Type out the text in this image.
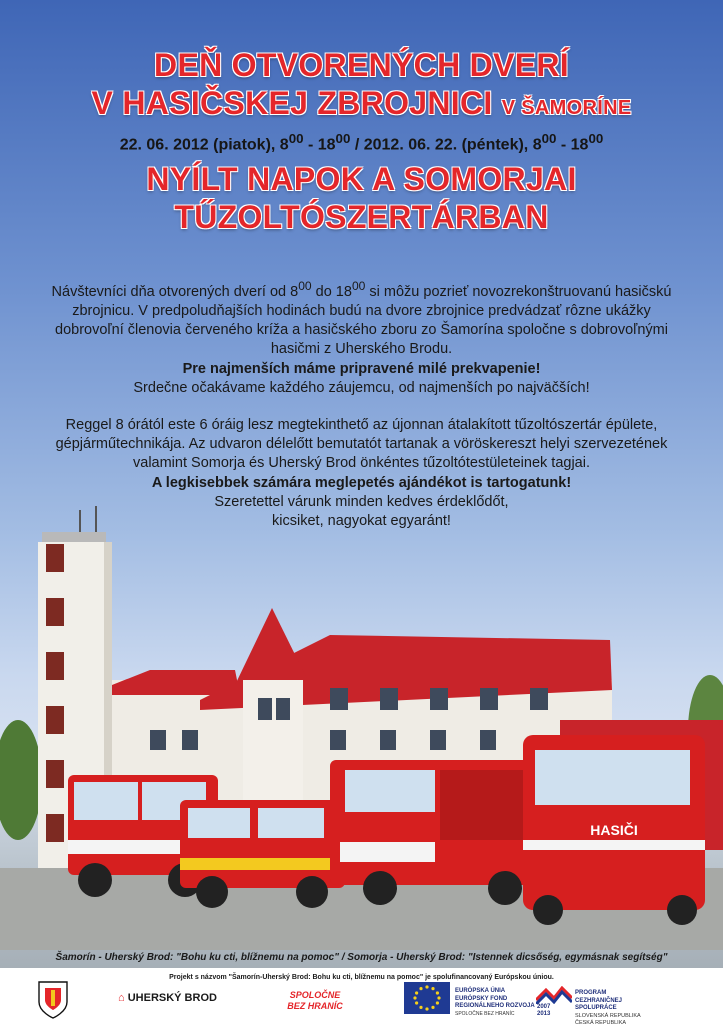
DEŇ OTVORENÝCH DVERÍ
V HASIČSKEJ ZBROJNICI V ŠAMORÍNE
22. 06. 2012 (piatok), $8^{00} - 18^{00} / 2012$. 06. 22. (péntek), $8^{00} - 18^{00}$
NYÍLT NAPOK A SOMORJAI
TŰZOLTÓSZERTÁRBAN
Návštevníci dňa otvorených dverí od $8^{00}$ do $18^{00}$ si môžu pozrieť novozrekonštruovanú hasičskú zbrojnicu. V predpoludňajších hodinách budú na dvore zbrojnice predvádzať rôzne ukážky dobrovoľní členovia červeného kríža a hasičského zboru zo Šamorína spoločne s dobrovoľnými hasičmi z Uherského Brodu.
Pre najmenších máme pripravené milé prekvapenie!
Srdečne očakávame každého záujemcu, od najmenších po najväčších!
Reggel 8 órától este 6 óráig lesz megtekinthető az újonnan átalakított tűzoltószertár épülete, gépjárműtechnikája. Az udvaron délelőtt bemutatót tartanak a vöröskereszt helyi szervezetének valamint Somorja és Uherský Brod önkéntes tűzoltótestületeinek tagjai.
A legkisebbek számára meglepetés ajándékot is tartogatunk!
Szeretettel várunk minden kedves érdeklődőt,
kicsiket, nagyokat egyaránt!
HASIČI
Šamorín - Uherský Brod: "Bohu ku cti, blížnemu na pomoc" / Somorja - Uherský Brod: "Istennek dicsőség, egymásnak segítség"
Projekt s názvom "Šamorín-Uherský Brod: Bohu ku cti, blížnemu na pomoc" je spolufinancovaný Európskou úniou.
⌂ UHERSKÝ BROD	SPOLOČNE
BEZ HRANÍC
EURÓPSKA ÚNIA
EURÓPSKY FOND
REGIONÁLNEHO ROZVOJA
SPOLOČNE BEZ HRANÍC
2007
2013
PROGRAM
CEZHRANIČNEJ
SPOLUPRÁCE
SLOVENSKÁ REPUBLIKA
ČESKÁ REPUBLIKA
